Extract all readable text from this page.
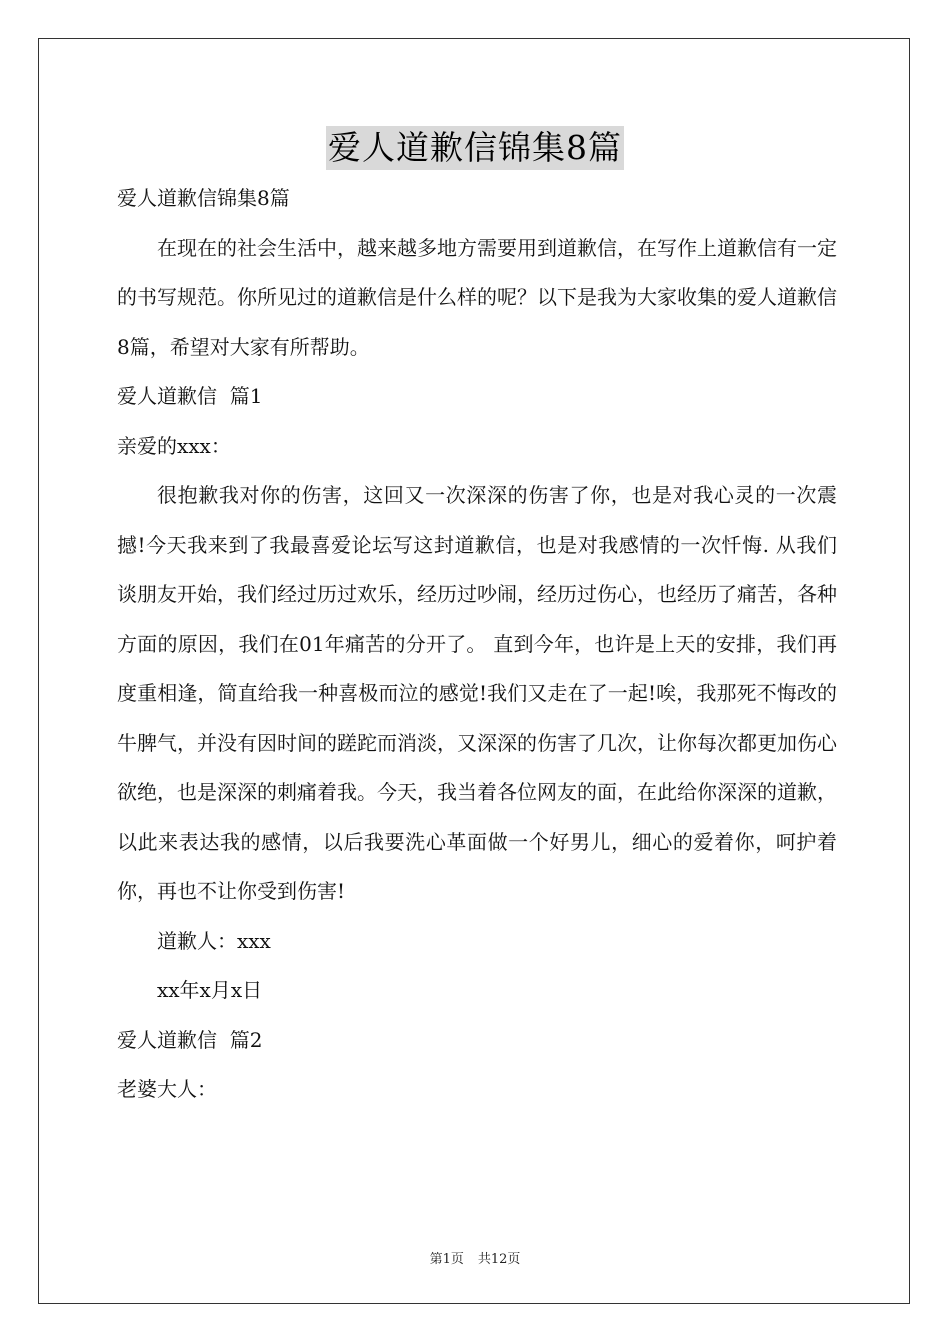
爱人道歉信锦集8篇

爱人道歉信锦集8篇

在现在的社会生活中，越来越多地方需要用到道歉信，在写作上道歉信有一定的书写规范。你所见过的道歉信是什么样的呢？以下是我为大家收集的爱人道歉信8篇，希望对大家有所帮助。

爱人道歉信  篇1

亲爱的xxx：

很抱歉我对你的伤害，这回又一次深深的伤害了你，也是对我心灵的一次震撼!今天我来到了我最喜爱论坛写这封道歉信，也是对我感情的一次忏悔. 从我们谈朋友开始，我们经过历过欢乐，经历过吵闹，经历过伤心，也经历了痛苦，各种方面的原因，我们在01年痛苦的分开了。 直到今年，也许是上天的安排，我们再度重相逢，简直给我一种喜极而泣的感觉!我们又走在了一起!唉，我那死不悔改的牛脾气，并没有因时间的蹉跎而消淡，又深深的伤害了几次，让你每次都更加伤心欲绝，也是深深的刺痛着我。今天，我当着各位网友的面，在此给你深深的道歉，以此来表达我的感情，以后我要洗心革面做一个好男儿，细心的爱着你，呵护着你，再也不让你受到伤害!

道歉人：xxx

xx年x月x日

爱人道歉信  篇2

老婆大人：

第1页 共12页
